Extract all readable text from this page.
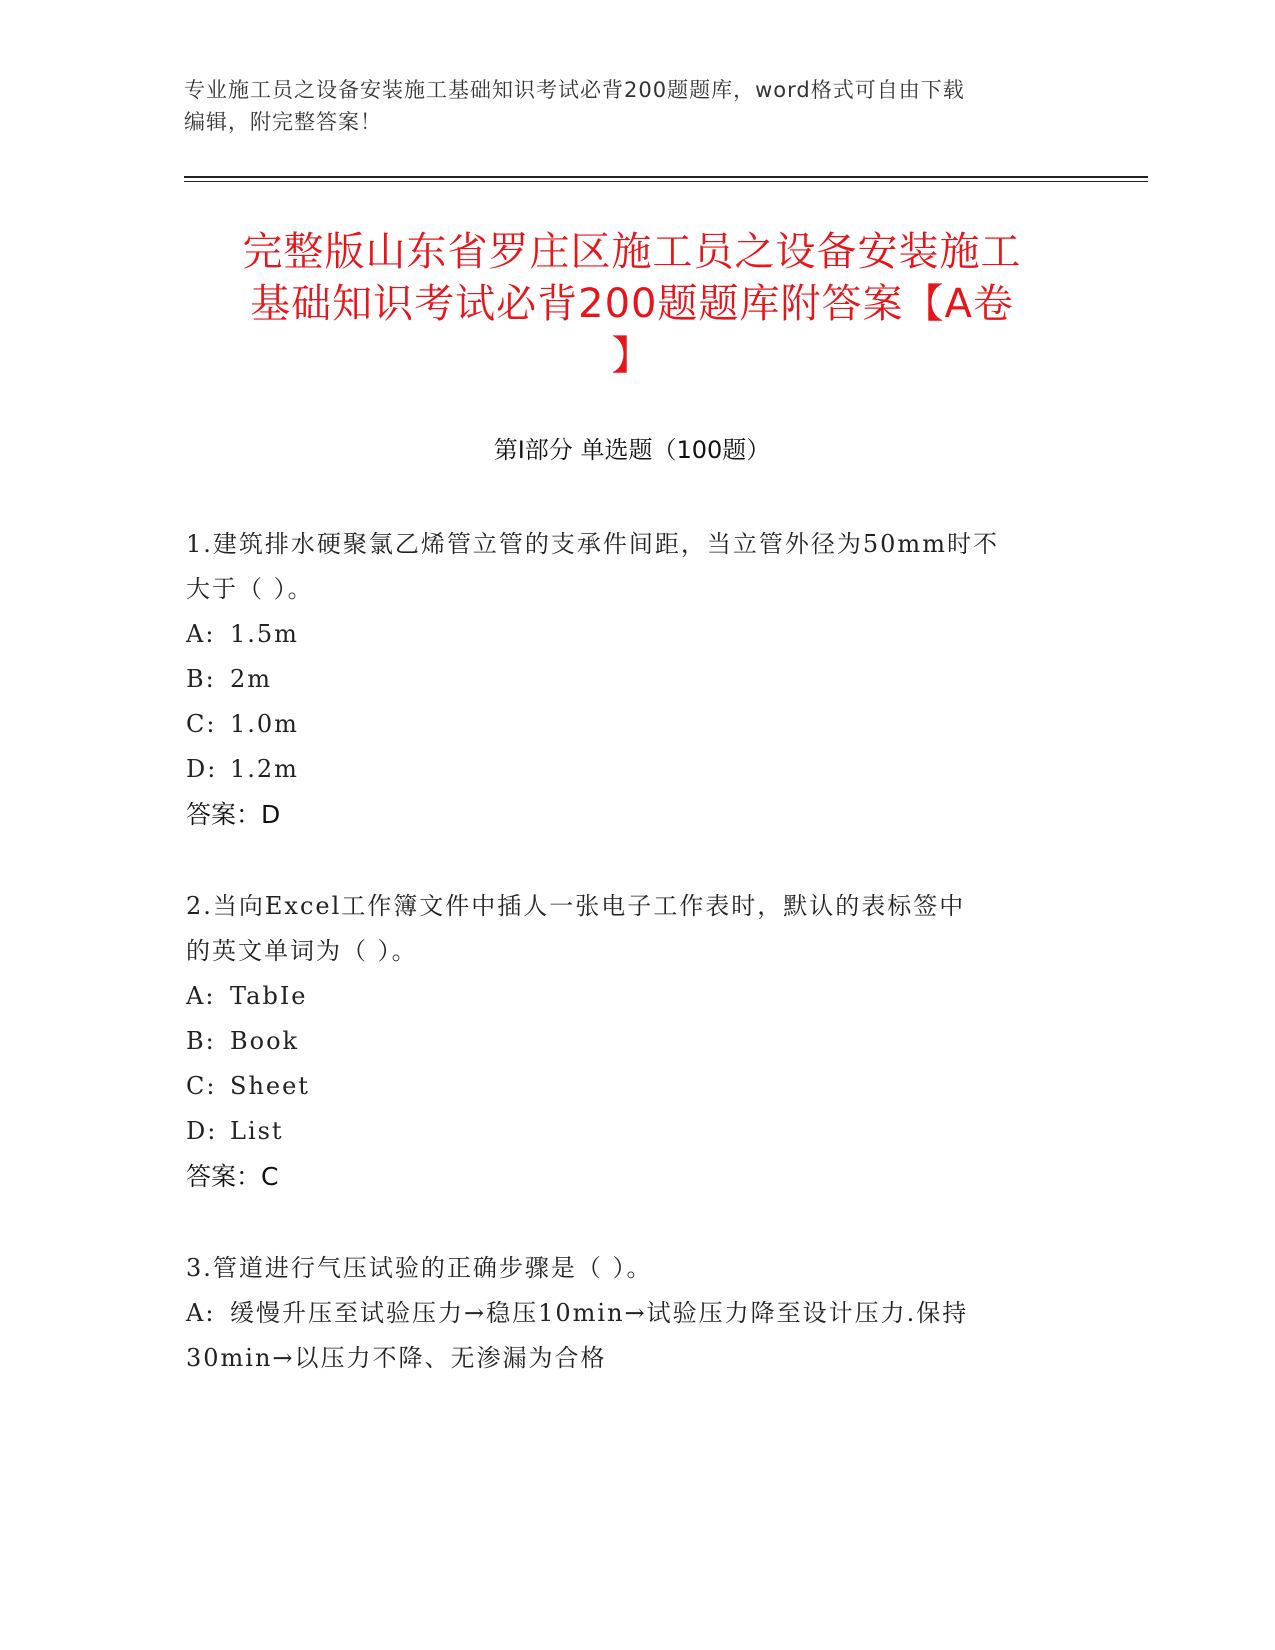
专业施工员之设备安装施工基础知识考试必背200题题库，word格式可自由下载
编辑，附完整答案！
完整版山东省罗庄区施工员之设备安装施工
基础知识考试必背200题题库附答案【A卷
】
第Ⅰ部分 单选题（100题）

1.建筑排水硬聚氯乙烯管立管的支承件间距，当立管外径为50mm时不

大于（ ）。

A: 1.5m

B: 2m

C: 1.0m

D: 1.2m

答案：D

2.当向Excel工作簿文件中插人一张电子工作表时，默认的表标签中

的英文单词为（ ）。

A: TabIe

B: Book

C: Sheet

D: List

答案：C

3.管道进行气压试验的正确步骤是（ ）。

A: 缓慢升压至试验压力→稳压10min→试验压力降至设计压力.保持

30min→以压力不降、无渗漏为合格
